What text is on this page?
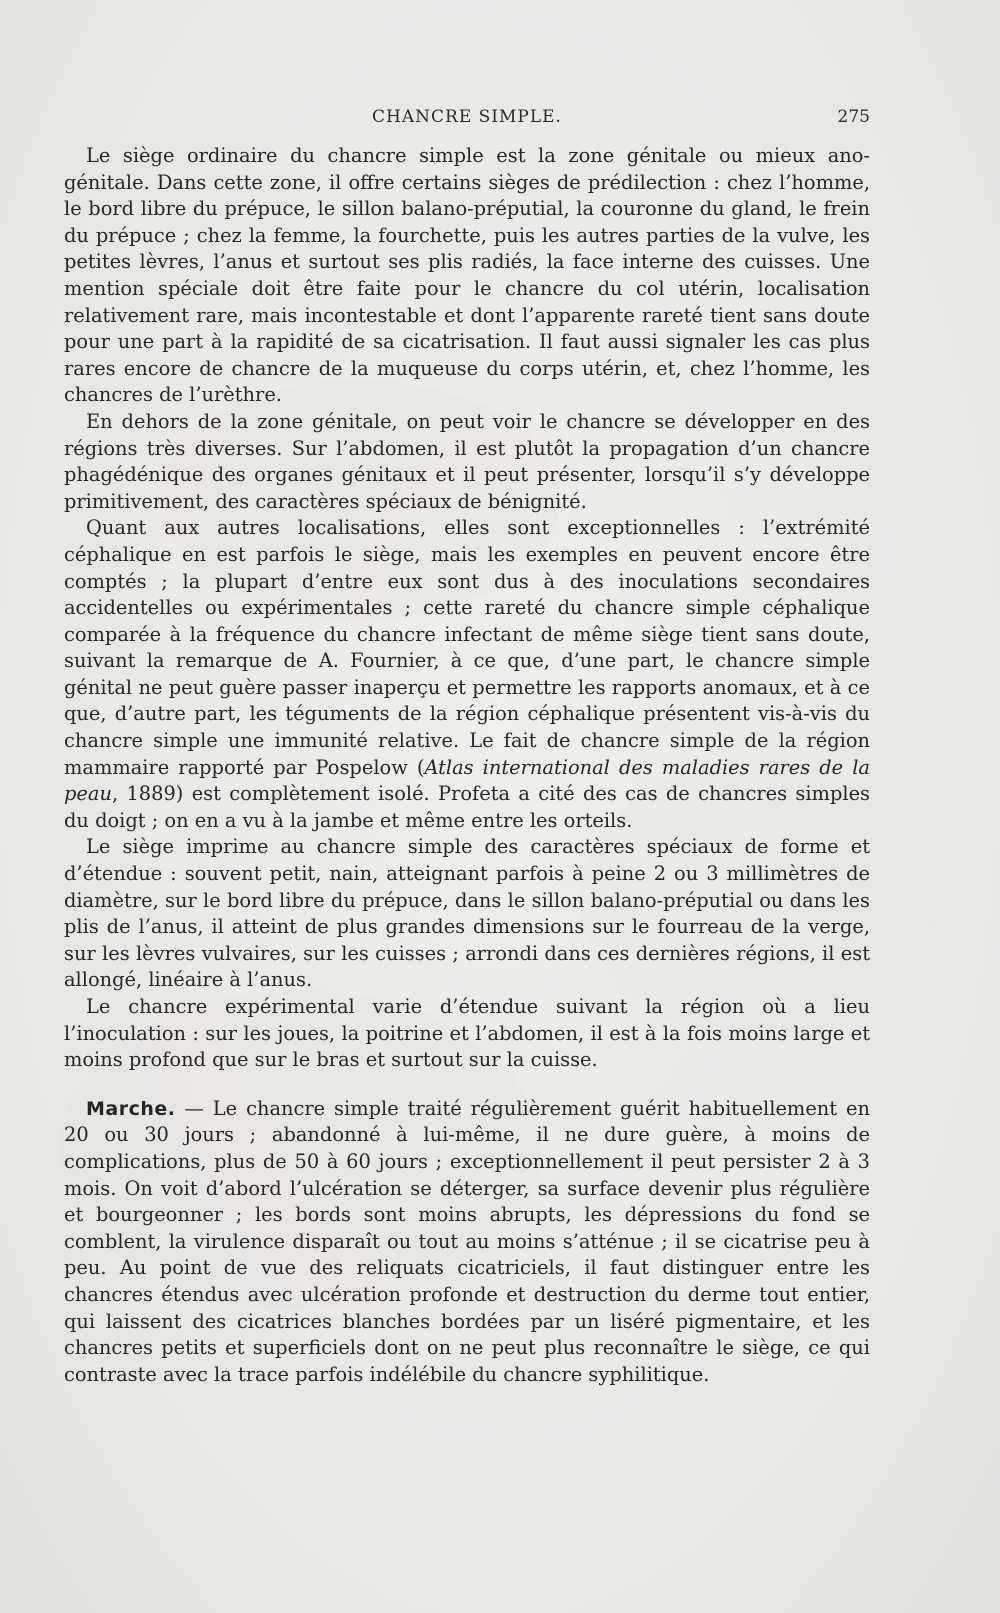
CHANCRE SIMPLE.	275

Le siège ordinaire du chancre simple est la zone génitale ou mieux ano-génitale. Dans cette zone, il offre certains sièges de prédilection : chez l’homme, le bord libre du prépuce, le sillon balano-préputial, la couronne du gland, le frein du prépuce ; chez la femme, la fourchette, puis les autres parties de la vulve, les petites lèvres, l’anus et surtout ses plis radiés, la face interne des cuisses. Une mention spéciale doit être faite pour le chancre du col utérin, localisation relativement rare, mais incontestable et dont l’apparente rareté tient sans doute pour une part à la rapidité de sa cicatrisation. Il faut aussi signaler les cas plus rares encore de chancre de la muqueuse du corps utérin, et, chez l’homme, les chancres de l’urèthre.

En dehors de la zone génitale, on peut voir le chancre se développer en des régions très diverses. Sur l’abdomen, il est plutôt la propagation d’un chancre phagédénique des organes génitaux et il peut présenter, lorsqu’il s’y développe primitivement, des caractères spéciaux de bénignité.

Quant aux autres localisations, elles sont exceptionnelles : l’extrémité céphalique en est parfois le siège, mais les exemples en peuvent encore être comptés ; la plupart d’entre eux sont dus à des inoculations secondaires accidentelles ou expérimentales ; cette rareté du chancre simple céphalique comparée à la fréquence du chancre infectant de même siège tient sans doute, suivant la remarque de A. Fournier, à ce que, d’une part, le chancre simple génital ne peut guère passer inaperçu et permettre les rapports anomaux, et à ce que, d’autre part, les téguments de la région céphalique présentent vis-à-vis du chancre simple une immunité relative. Le fait de chancre simple de la région mammaire rapporté par Pospelow (Atlas international des maladies rares de la peau, 1889) est complètement isolé. Profeta a cité des cas de chancres simples du doigt ; on en a vu à la jambe et même entre les orteils.

Le siège imprime au chancre simple des caractères spéciaux de forme et d’étendue : souvent petit, nain, atteignant parfois à peine 2 ou 3 millimètres de diamètre, sur le bord libre du prépuce, dans le sillon balano-préputial ou dans les plis de l’anus, il atteint de plus grandes dimensions sur le fourreau de la verge, sur les lèvres vulvaires, sur les cuisses ; arrondi dans ces dernières régions, il est allongé, linéaire à l’anus.

Le chancre expérimental varie d’étendue suivant la région où a lieu l’inoculation : sur les joues, la poitrine et l’abdomen, il est à la fois moins large et moins profond que sur le bras et surtout sur la cuisse.

Marche. — Le chancre simple traité régulièrement guérit habituellement en 20 ou 30 jours ; abandonné à lui-même, il ne dure guère, à moins de complications, plus de 50 à 60 jours ; exceptionnellement il peut persister 2 à 3 mois. On voit d’abord l’ulcération se déterger, sa surface devenir plus régulière et bourgeonner ; les bords sont moins abrupts, les dépressions du fond se comblent, la virulence disparaît ou tout au moins s’atténue ; il se cicatrise peu à peu. Au point de vue des reliquats cicatriciels, il faut distinguer entre les chancres étendus avec ulcération profonde et destruction du derme tout entier, qui laissent des cicatrices blanches bordées par un liséré pigmentaire, et les chancres petits et superficiels dont on ne peut plus reconnaître le siège, ce qui contraste avec la trace parfois indélébile du chancre syphilitique.
